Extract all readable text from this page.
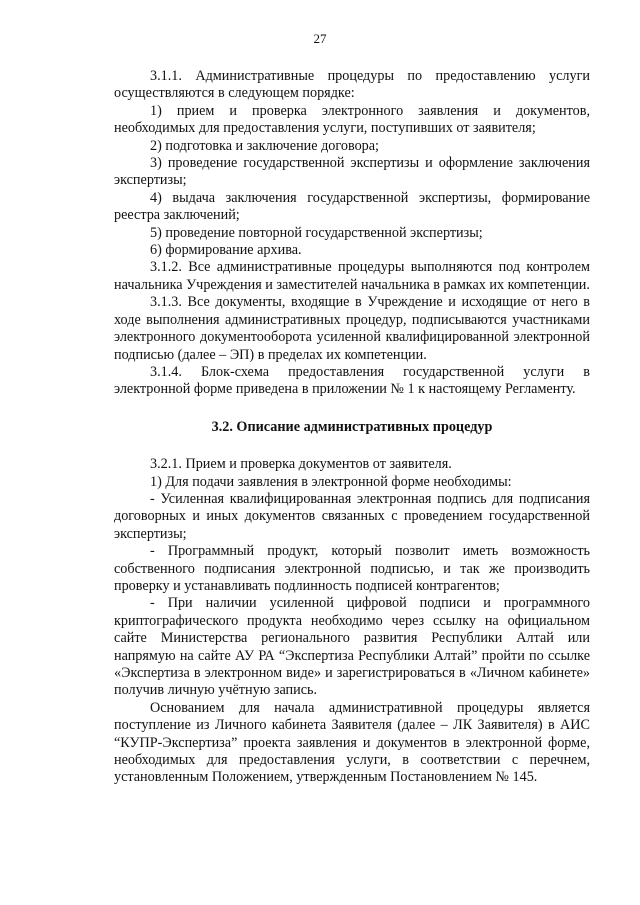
27

3.1.1. Административные процедуры по предоставлению услуги осуществляются в следующем порядке:

1) прием и проверка электронного заявления и документов, необходимых для предоставления услуги, поступивших от заявителя;

2) подготовка и заключение договора;

3) проведение государственной экспертизы и оформление заключения экспертизы;

4) выдача заключения государственной экспертизы, формирование реестра заключений;

5) проведение повторной государственной экспертизы;

6) формирование архива.

3.1.2. Все административные процедуры выполняются под контролем начальника Учреждения и заместителей начальника в рамках их компетенции.

3.1.3. Все документы, входящие в Учреждение и исходящие от него в ходе выполнения административных процедур, подписываются участниками электронного документооборота усиленной квалифицированной электронной подписью (далее – ЭП) в пределах их компетенции.

3.1.4. Блок-схема предоставления государственной услуги в электронной форме приведена в приложении № 1 к настоящему Регламенту.

3.2. Описание административных процедур

3.2.1. Прием и проверка документов от заявителя.

1) Для подачи заявления в электронной форме необходимы:

- Усиленная квалифицированная электронная подпись для подписания договорных и иных документов связанных с проведением государственной экспертизы;

- Программный продукт, который позволит иметь возможность собственного подписания электронной подписью, и так же производить проверку и устанавливать подлинность подписей контрагентов;

- При наличии усиленной цифровой подписи и программного криптографического продукта необходимо через ссылку на официальном сайте Министерства регионального развития Республики Алтай или напрямую на сайте АУ РА “Экспертиза Республики Алтай” пройти по ссылке «Экспертиза в электронном виде» и зарегистрироваться в «Личном кабинете» получив личную учётную запись.

Основанием для начала административной процедуры является поступление из Личного кабинета Заявителя (далее – ЛК Заявителя) в АИС “КУПР-Экспертиза” проекта заявления и документов в электронной форме, необходимых для предоставления услуги, в соответствии с перечнем, установленным Положением, утвержденным Постановлением № 145.
